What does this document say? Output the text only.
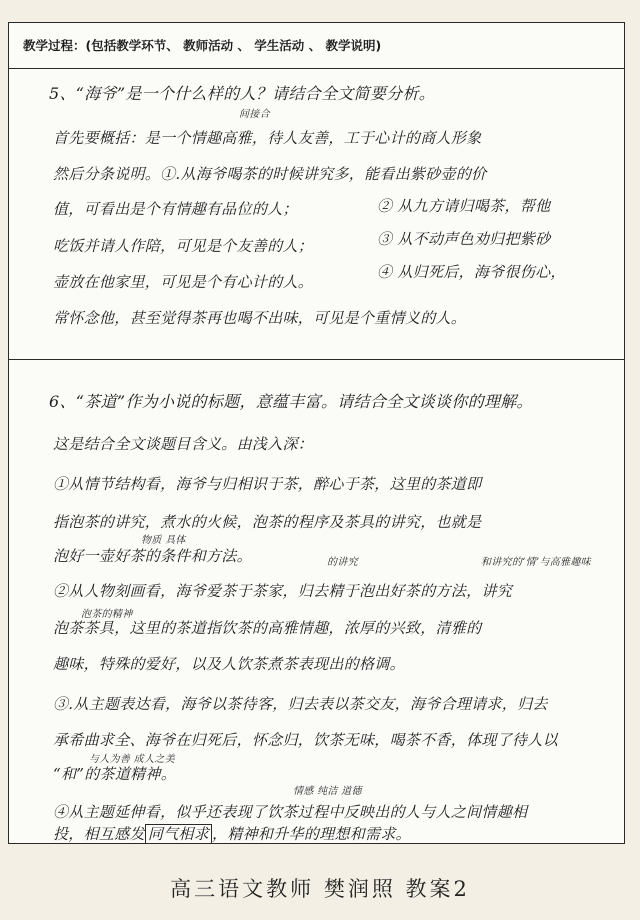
教学过程：(包括教学环节、 教师活动 、 学生活动 、 教学说明)
5、“海爷”是一个什么样的人？请结合全文简要分析。
间接合
首先要概括：是一个情趣高雅，待人友善，工于心计的商人形象
然后分条说明。①.从海爷喝茶的时候讲究多，能看出紫砂壶的价
值，可看出是个有情趣有品位的人；	② 从九方请归喝茶，帮他
吃饭并请人作陪，可见是个友善的人；	③ 从不动声色劝归把紫砂
壶放在他家里，可见是个有心计的人。
④ 从归死后，海爷很伤心，
常怀念他，甚至觉得茶再也喝不出味，可见是个重情义的人。
6、“茶道”作为小说的标题，意蕴丰富。请结合全文谈谈你的理解。
这是结合全文谈题目含义。由浅入深：
①从情节结构看，海爷与归相识于茶，醉心于茶，这里的茶道即
指泡茶的讲究，煮水的火候，泡茶的程序及茶具的讲究，也就是
物质 具体
泡好一壶好茶的条件和方法。	的讲究	和讲究的‘情’与高雅趣味
②从人物刻画看，海爷爱茶于茶家，归去精于泡出好茶的方法，讲究
泡茶的精神
泡茶茶具，这里的茶道指饮茶的高雅情趣，浓厚的兴致，清雅的
趣味，特殊的爱好，以及人饮茶煮茶表现出的格调。
③.从主题表达看，海爷以茶待客，归去表以茶交友，海爷合理请求，归去
承希曲求全、海爷在归死后，怀念归，饮茶无味，喝茶不香，体现了待人以
与人为善 成人之美
“和”的茶道精神。
情感 纯洁 道德
④从主题延伸看，似乎还表现了饮茶过程中反映出的人与人之间情趣相
投，相互感发 同气相求 ，精神和升华的理想和需求。
高三语文教师 樊润照 教案2
